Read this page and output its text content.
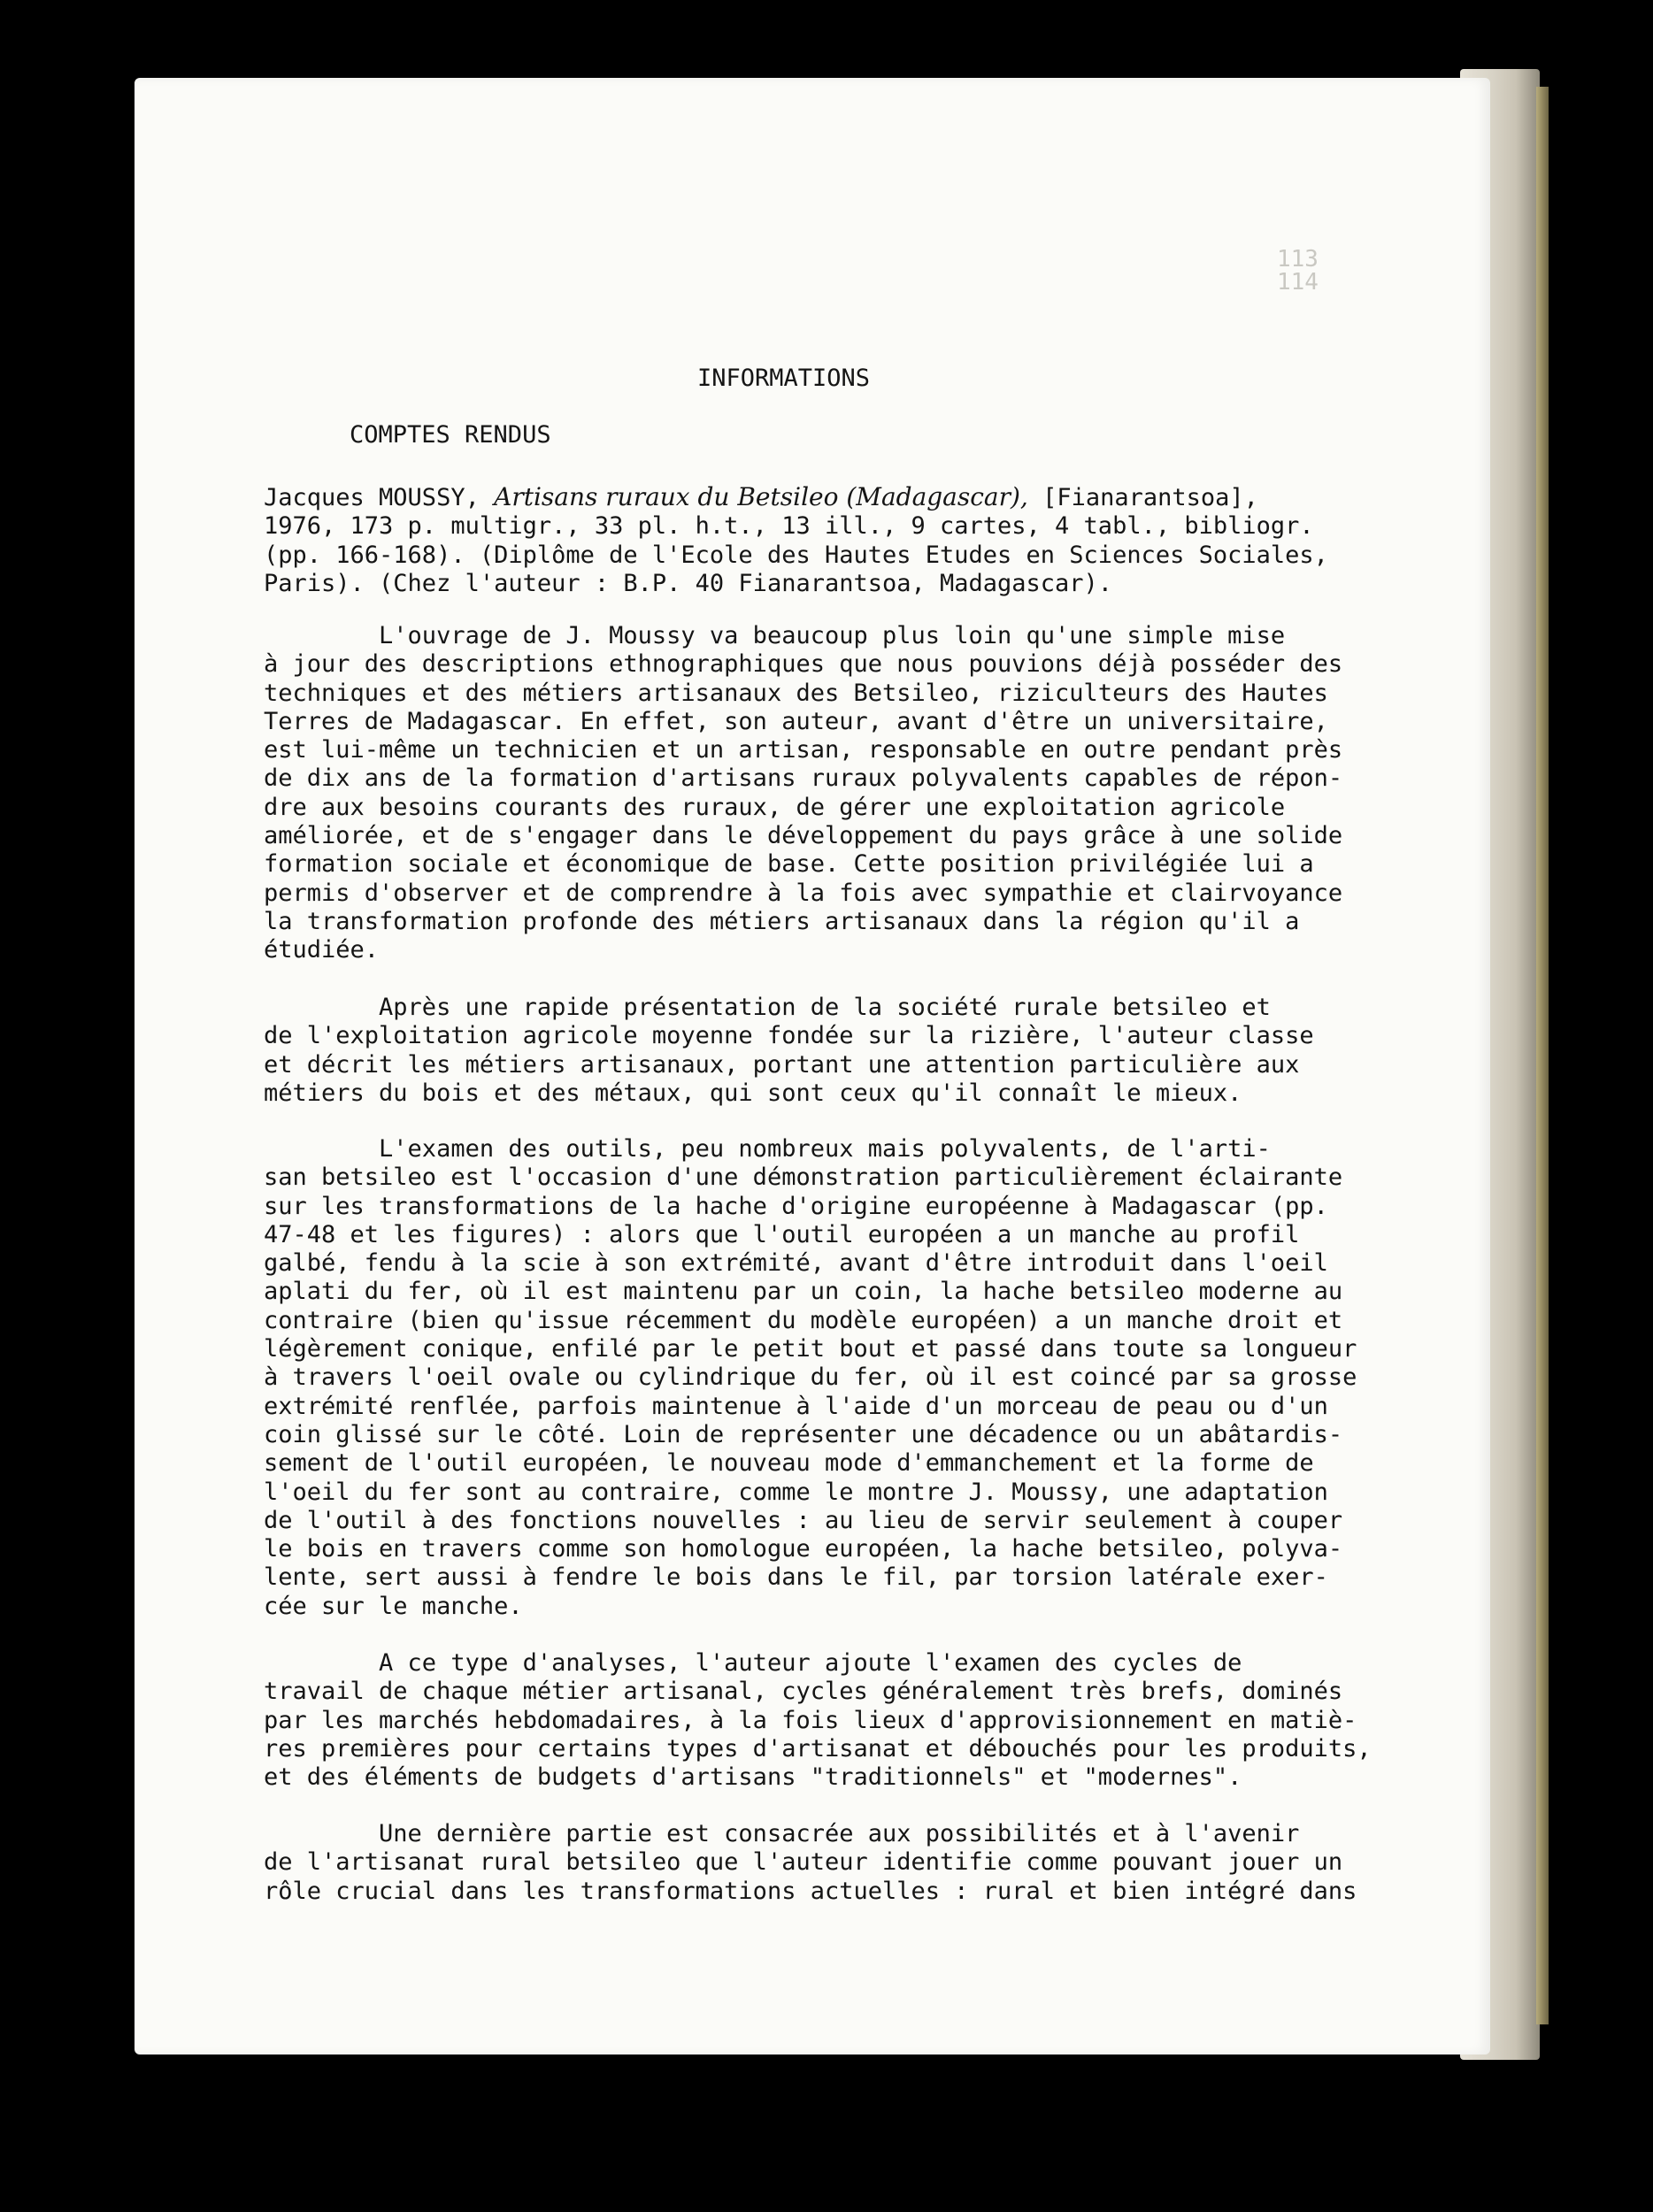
113
114
INFORMATIONS
COMPTES RENDUS
Jacques MOUSSY, Artisans ruraux du Betsileo (Madagascar), [Fianarantsoa],
1976, 173 p. multigr., 33 pl. h.t., 13 ill., 9 cartes, 4 tabl., bibliogr.
(pp. 166-168). (Diplôme de l'Ecole des Hautes Etudes en Sciences Sociales,
Paris). (Chez l'auteur : B.P. 40 Fianarantsoa, Madagascar).
L'ouvrage de J. Moussy va beaucoup plus loin qu'une simple mise
à jour des descriptions ethnographiques que nous pouvions déjà posséder des
techniques et des métiers artisanaux des Betsileo, riziculteurs des Hautes
Terres de Madagascar. En effet, son auteur, avant d'être un universitaire,
est lui-même un technicien et un artisan, responsable en outre pendant près
de dix ans de la formation d'artisans ruraux polyvalents capables de répon-
dre aux besoins courants des ruraux, de gérer une exploitation agricole
améliorée, et de s'engager dans le développement du pays grâce à une solide
formation sociale et économique de base. Cette position privilégiée lui a
permis d'observer et de comprendre à la fois avec sympathie et clairvoyance
la transformation profonde des métiers artisanaux dans la région qu'il a
étudiée.
Après une rapide présentation de la société rurale betsileo et
de l'exploitation agricole moyenne fondée sur la rizière, l'auteur classe
et décrit les métiers artisanaux, portant une attention particulière aux
métiers du bois et des métaux, qui sont ceux qu'il connaît le mieux.
L'examen des outils, peu nombreux mais polyvalents, de l'arti-
san betsileo est l'occasion d'une démonstration particulièrement éclairante
sur les transformations de la hache d'origine européenne à Madagascar (pp.
47-48 et les figures) : alors que l'outil européen a un manche au profil
galbé, fendu à la scie à son extrémité, avant d'être introduit dans l'oeil
aplati du fer, où il est maintenu par un coin, la hache betsileo moderne au
contraire (bien qu'issue récemment du modèle européen) a un manche droit et
légèrement conique, enfilé par le petit bout et passé dans toute sa longueur
à travers l'oeil ovale ou cylindrique du fer, où il est coincé par sa grosse
extrémité renflée, parfois maintenue à l'aide d'un morceau de peau ou d'un
coin glissé sur le côté. Loin de représenter une décadence ou un abâtardis-
sement de l'outil européen, le nouveau mode d'emmanchement et la forme de
l'oeil du fer sont au contraire, comme le montre J. Moussy, une adaptation
de l'outil à des fonctions nouvelles : au lieu de servir seulement à couper
le bois en travers comme son homologue européen, la hache betsileo, polyva-
lente, sert aussi à fendre le bois dans le fil, par torsion latérale exer-
cée sur le manche.
A ce type d'analyses, l'auteur ajoute l'examen des cycles de
travail de chaque métier artisanal, cycles généralement très brefs, dominés
par les marchés hebdomadaires, à la fois lieux d'approvisionnement en matiè-
res premières pour certains types d'artisanat et débouchés pour les produits,
et des éléments de budgets d'artisans "traditionnels" et "modernes".
Une dernière partie est consacrée aux possibilités et à l'avenir
de l'artisanat rural betsileo que l'auteur identifie comme pouvant jouer un
rôle crucial dans les transformations actuelles : rural et bien intégré dans
